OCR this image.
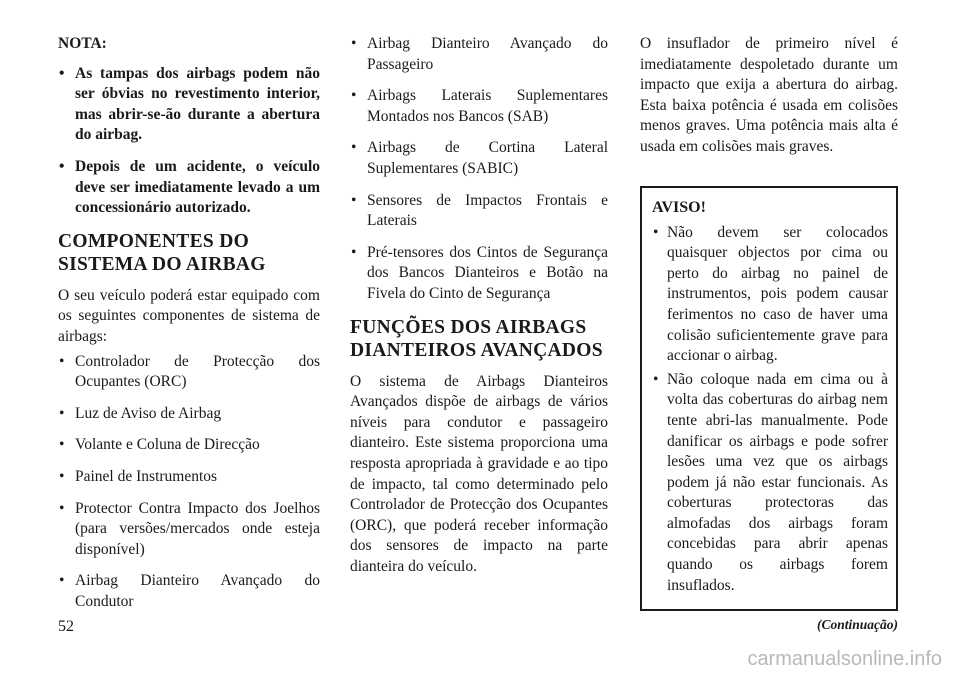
NOTA:

• As tampas dos airbags podem não ser óbvias no revestimento interior, mas abrir-se-ão durante a abertura do airbag.
• Depois de um acidente, o veículo deve ser imediatamente levado a um concessionário autorizado.
COMPONENTES DO SISTEMA DO AIRBAG

O seu veículo poderá estar equipado com os seguintes componentes de sistema de airbags:

• Controlador de Protecção dos Ocupantes (ORC)
• Luz de Aviso de Airbag
• Volante e Coluna de Direcção
• Painel de Instrumentos
• Protector Contra Impacto dos Joelhos (para versões/mercados onde esteja disponível)
• Airbag Dianteiro Avançado do Condutor
• Airbag Dianteiro Avançado do Passageiro
• Airbags Laterais Suplementares Montados nos Bancos (SAB)
• Airbags de Cortina Lateral Suplementares (SABIC)
• Sensores de Impactos Frontais e Laterais
• Pré-tensores dos Cintos de Segurança dos Bancos Dianteiros e Botão na Fivela do Cinto de Segurança
FUNÇÕES DOS AIRBAGS DIANTEIROS AVANÇADOS

O sistema de Airbags Dianteiros Avançados dispõe de airbags de vários níveis para condutor e passageiro dianteiro. Este sistema proporciona uma resposta apropriada à gravidade e ao tipo de impacto, tal como determinado pelo Controlador de Protecção dos Ocupantes (ORC), que poderá receber informação dos sensores de impacto na parte dianteira do veículo.

O insuflador de primeiro nível é imediatamente despoletado durante um impacto que exija a abertura do airbag. Esta baixa potência é usada em colisões menos graves. Uma potência mais alta é usada em colisões mais graves.

AVISO!
• Não devem ser colocados quaisquer objectos por cima ou perto do airbag no painel de instrumentos, pois podem causar ferimentos no caso de haver uma colisão suficientemente grave para accionar o airbag.
• Não coloque nada em cima ou à volta das coberturas do airbag nem tente abri-las manualmente. Pode danificar os airbags e pode sofrer lesões uma vez que os airbags podem já não estar funcionais. As coberturas protectoras das almofadas dos airbags foram concebidas para abrir apenas quando os airbags forem insuflados.
(Continuação)
52
carmanualsonline.info
